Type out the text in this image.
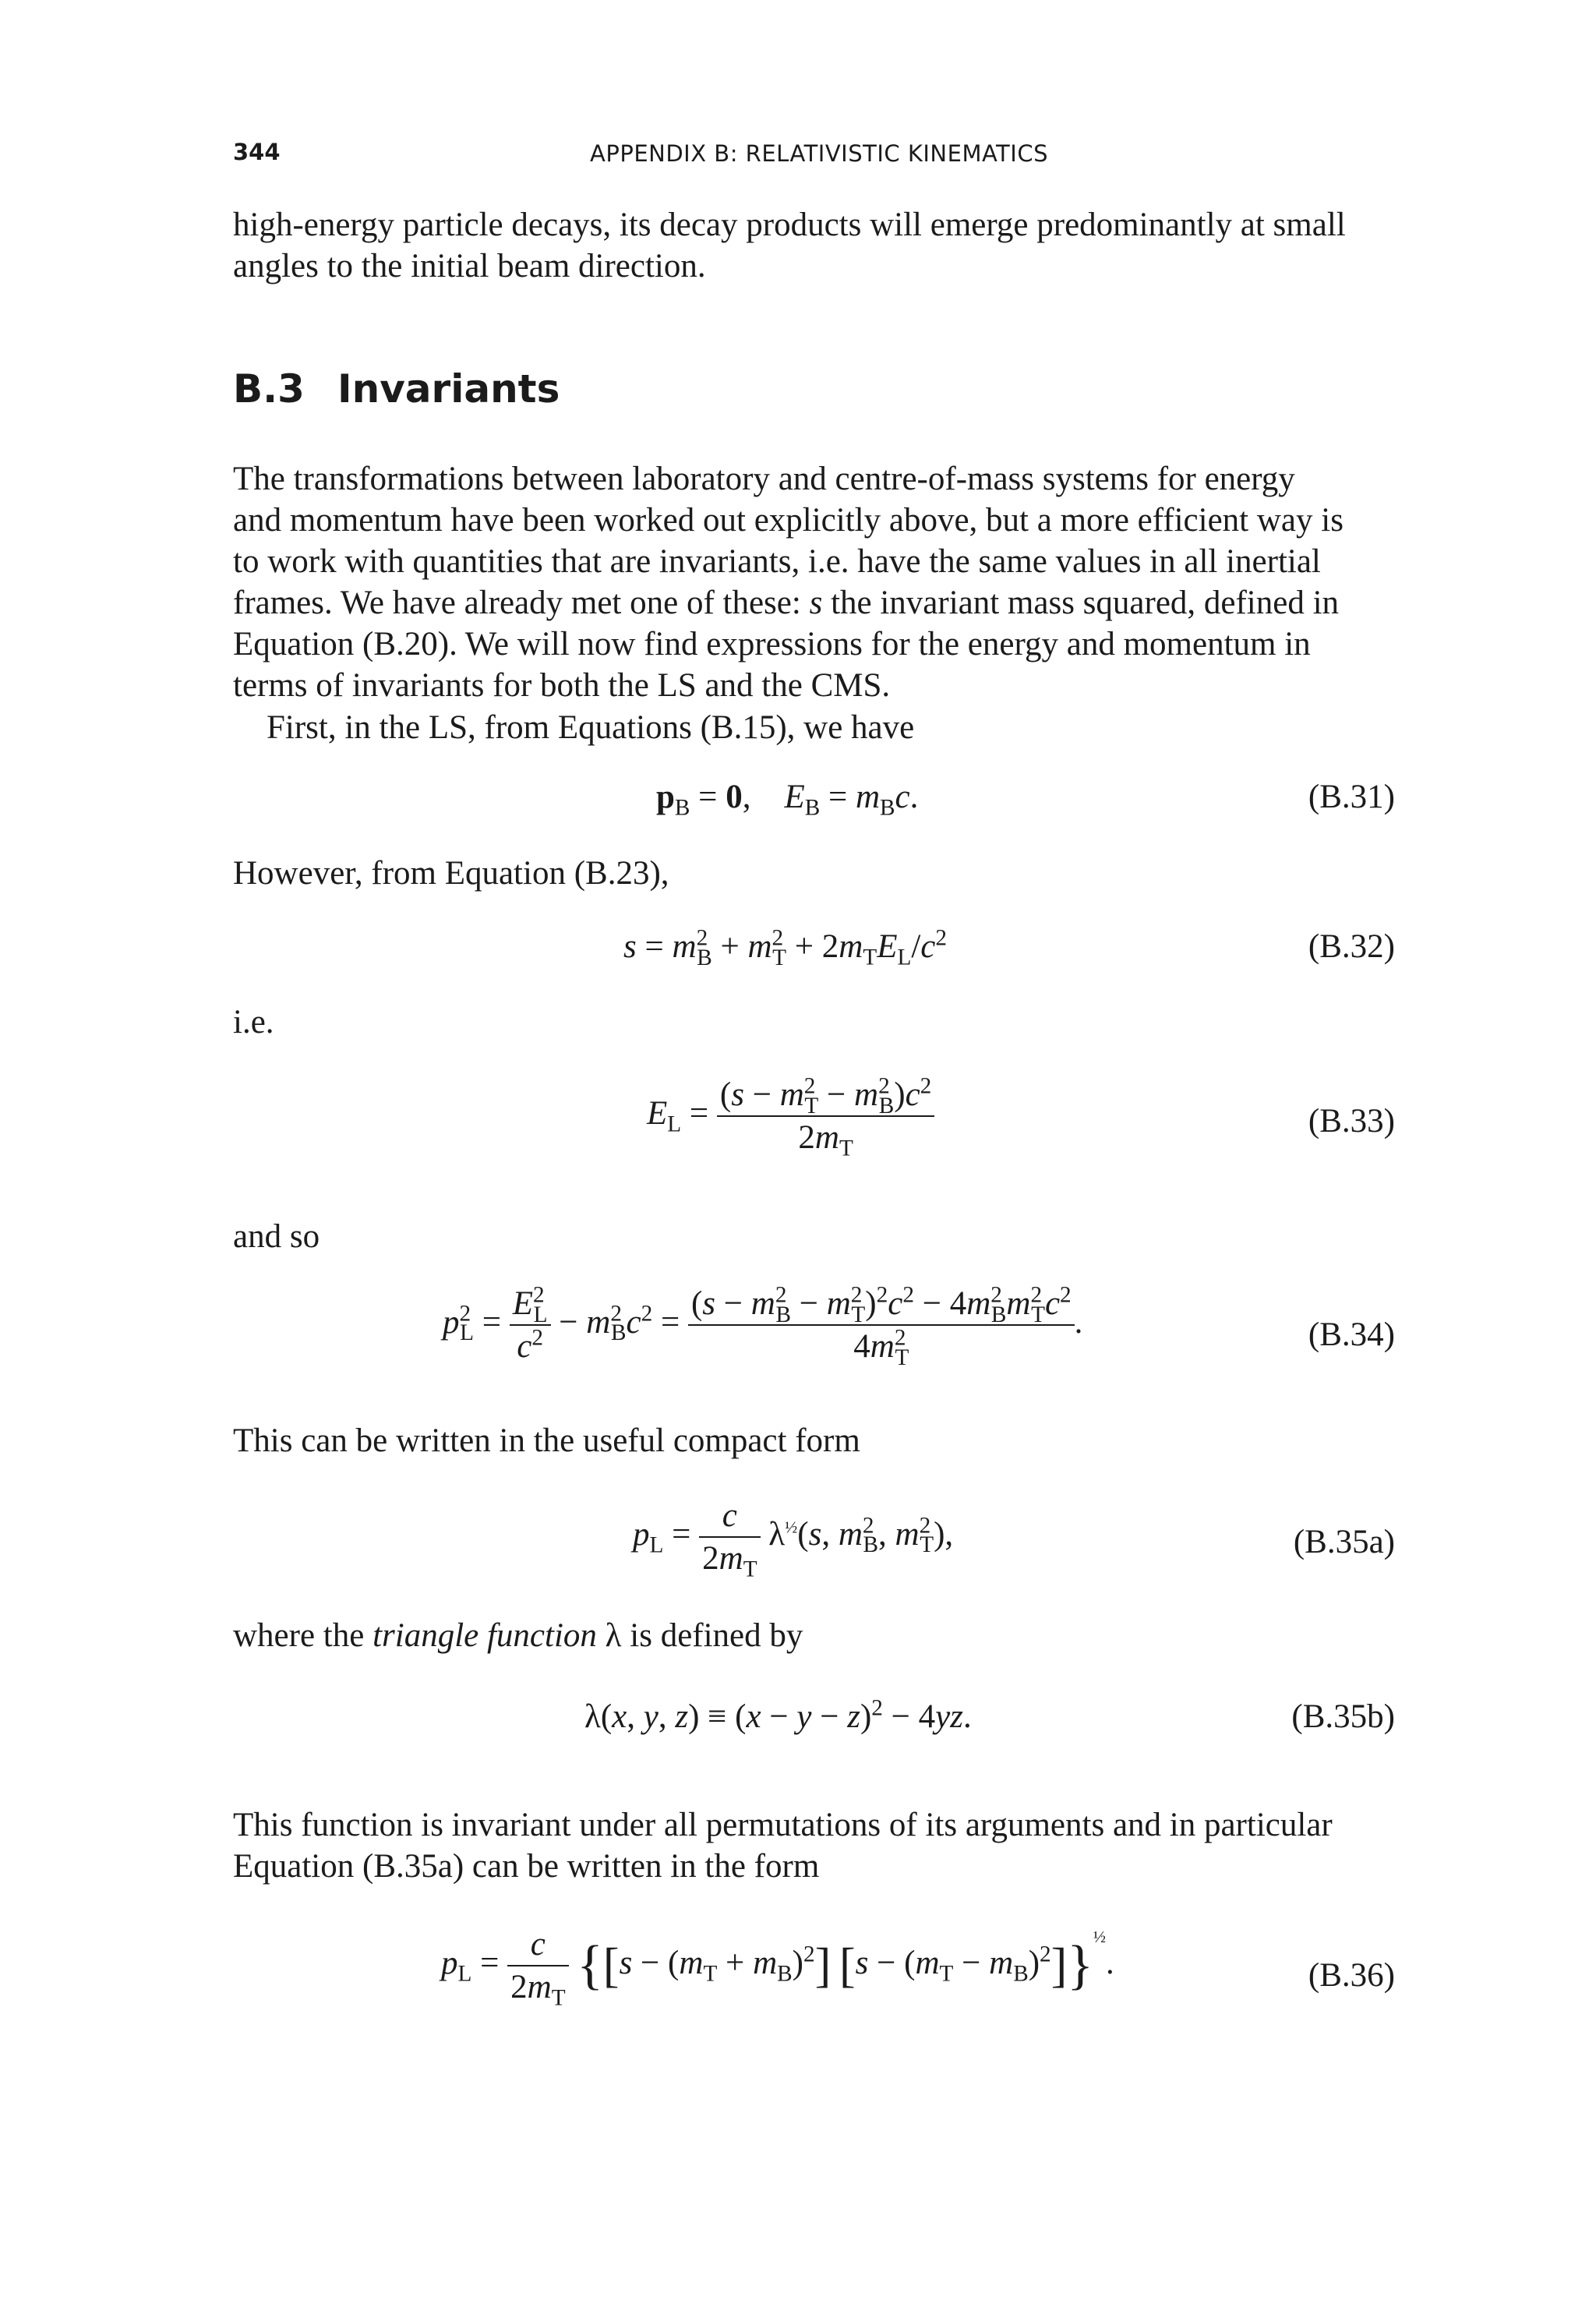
344	APPENDIX B: RELATIVISTIC KINEMATICS

high-energy particle decays, its decay products will emerge predominantly at small
angles to the initial beam direction.

B.3 Invariants

The transformations between laboratory and centre-of-mass systems for energy
and momentum have been worked out explicitly above, but a more efficient way is
to work with quantities that are invariants, i.e. have the same values in all inertial
frames. We have already met one of these: s the invariant mass squared, defined in
Equation (B.20). We will now find expressions for the energy and momentum in
terms of invariants for both the LS and the CMS.

First, in the LS, from Equations (B.15), we have

$p_B = 0$,    $E_B = m_Bc$.	(B.31)

However, from Equation (B.23),

$s = m^2_B + m^2_T + 2m_TE_L/c^2$	(B.32)

i.e.

$E_L = \frac{(s - m^2_T - m^2_B)c^2}{2m_T}$	(B.33)

and so

$p^2_L = \frac{E^2_L}{c^2} - m^2_Bc^2 = \frac{(s - m^2_B - m^2_T)^2c^2 - 4m^2_Bm^2_Tc^2}{4m^2_T}$ .	(B.34)

This can be written in the useful compact form

$p_L = \frac{c}{2m_T} \lambda^{\frac{1}{2}}(s$, $m^2_B$, $m^2_T$),	(B.35a)

where the triangle function λ is defined by

λ(x, y, $z) \equiv (x - y - z)^2 - 4yz$.	(B.35b)

This function is invariant under all permutations of its arguments and in particular
Equation (B.35a) can be written in the form

$p_L = \frac{c}{2m_T} \{[s - (m_T + m_B)^2] [s - (m_T - m_B)^2]\}^{\frac{1}{2}}$.	(B.36)
